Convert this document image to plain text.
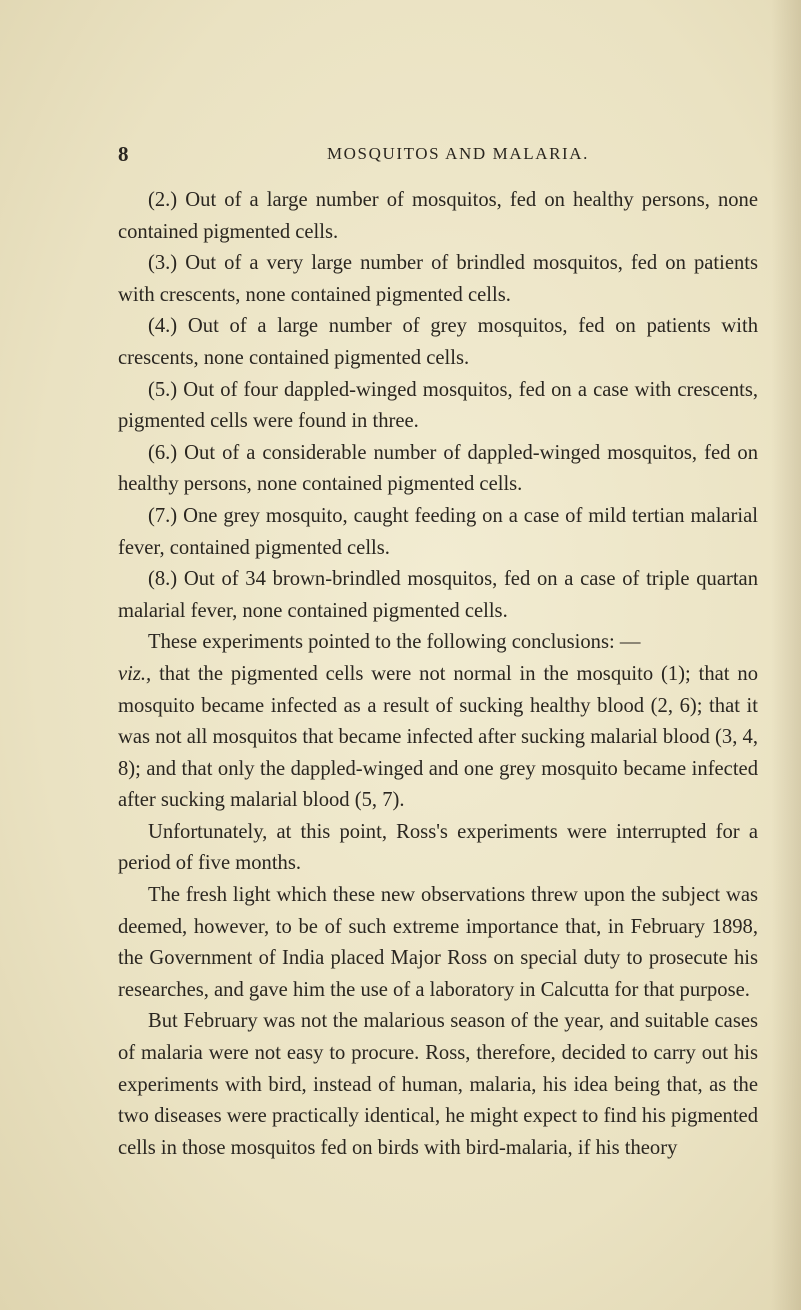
8	MOSQUITOS AND MALARIA.

(2.) Out of a large number of mosquitos, fed on healthy persons, none contained pigmented cells.

(3.) Out of a very large number of brindled mosquitos, fed on patients with crescents, none contained pigmented cells.

(4.) Out of a large number of grey mosquitos, fed on patients with crescents, none contained pigmented cells.

(5.) Out of four dappled-winged mosquitos, fed on a case with crescents, pigmented cells were found in three.

(6.) Out of a considerable number of dappled-winged mosquitos, fed on healthy persons, none contained pigmented cells.

(7.) One grey mosquito, caught feeding on a case of mild tertian malarial fever, contained pigmented cells.

(8.) Out of 34 brown-brindled mosquitos, fed on a case of triple quartan malarial fever, none contained pigmented cells.

These experiments pointed to the following conclusions: —

viz., that the pigmented cells were not normal in the mosquito (1); that no mosquito became infected as a result of sucking healthy blood (2, 6); that it was not all mosquitos that became infected after sucking malarial blood (3, 4, 8); and that only the dappled-winged and one grey mosquito became infected after sucking malarial blood (5, 7).

Unfortunately, at this point, Ross's experiments were interrupted for a period of five months.

The fresh light which these new observations threw upon the subject was deemed, however, to be of such extreme importance that, in February 1898, the Government of India placed Major Ross on special duty to prosecute his researches, and gave him the use of a laboratory in Calcutta for that purpose.

But February was not the malarious season of the year, and suitable cases of malaria were not easy to procure. Ross, therefore, decided to carry out his experiments with bird, instead of human, malaria, his idea being that, as the two diseases were practically identical, he might expect to find his pigmented cells in those mosquitos fed on birds with bird-malaria, if his theory
